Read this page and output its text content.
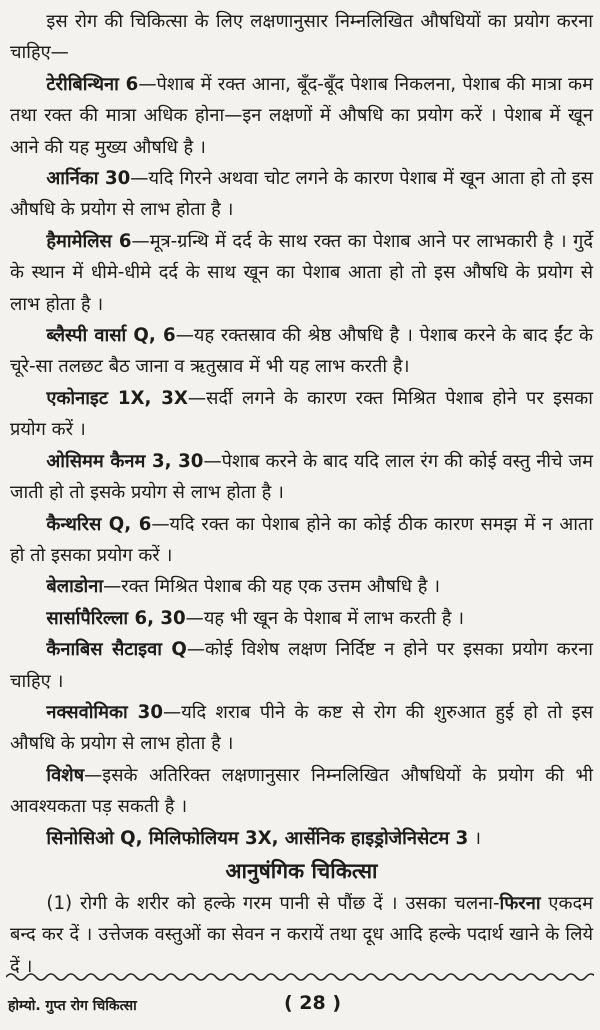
इस रोग की चिकित्सा के लिए लक्षणानुसार निम्नलिखित औषधियों का प्रयोग करना चाहिए—

टेरीबिन्थिना 6—पेशाब में रक्त आना, बूँद-बूँद पेशाब निकलना, पेशाब की मात्रा कम तथा रक्त की मात्रा अधिक होना—इन लक्षणों में औषधि का प्रयोग करें । पेशाब में खून आने की यह मुख्य औषधि है ।

आर्निका 30—यदि गिरने अथवा चोट लगने के कारण पेशाब में खून आता हो तो इस औषधि के प्रयोग से लाभ होता है ।

हैमामेलिस 6—मूत्र-ग्रन्थि में दर्द के साथ रक्त का पेशाब आने पर लाभकारी है । गुर्दे के स्थान में धीमे-धीमे दर्द के साथ खून का पेशाब आता हो तो इस औषधि के प्रयोग से लाभ होता है ।

ब्लैस्पी वार्सा Q, 6—यह रक्तस्राव की श्रेष्ठ औषधि है । पेशाब करने के बाद ईंट के चूरे-सा तलछट बैठ जाना व ऋतुस्राव में भी यह लाभ करती है।

एकोनाइट 1X, 3X—सर्दी लगने के कारण रक्त मिश्रित पेशाब होने पर इसका प्रयोग करें ।

ओसिमम कैनम 3, 30—पेशाब करने के बाद यदि लाल रंग की कोई वस्तु नीचे जम जाती हो तो इसके प्रयोग से लाभ होता है ।

कैन्थरिस Q, 6—यदि रक्त का पेशाब होने का कोई ठीक कारण समझ में न आता हो तो इसका प्रयोग करें ।

बेलाडोना—रक्त मिश्रित पेशाब की यह एक उत्तम औषधि है ।

सार्सापैरिल्ला 6, 30—यह भी खून के पेशाब में लाभ करती है ।

कैनाबिस सैटाइवा Q—कोई विशेष लक्षण निर्दिष्ट न होने पर इसका प्रयोग करना चाहिए ।

नक्सवोमिका 30—यदि शराब पीने के कष्ट से रोग की शुरुआत हुई हो तो इस औषधि के प्रयोग से लाभ होता है ।

विशेष—इसके अतिरिक्त लक्षणानुसार निम्नलिखित औषधियों के प्रयोग की भी आवश्यकता पड़ सकती है ।

सिनोसिओ Q, मिलिफोलियम 3X, आर्सेनिक हाइड्रोजेनिसेटम 3 ।

आनुषंगिक चिकित्सा

(1) रोगी के शरीर को हल्के गरम पानी से पौंछ दें । उसका चलना-फिरना एकदम बन्द कर दें । उत्तेजक वस्तुओं का सेवन न करायें तथा दूध आदि हल्के पदार्थ खाने के लिये दें ।

होम्यो. गुप्त रोग चिकित्सा	( 28 )
